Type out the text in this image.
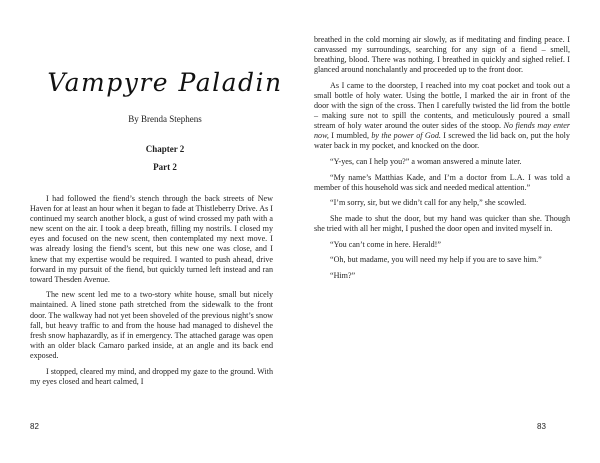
Vampyre Paladin
By Brenda Stephens
Chapter 2
Part 2

I had followed the fiend’s stench through the back streets of New Haven for at least an hour when it began to fade at Thistleberry Drive. As I continued my search another block, a gust of wind crossed my path with a new scent on the air. I took a deep breath, filling my nostrils. I closed my eyes and focused on the new scent, then contemplated my next move. I was already losing the fiend’s scent, but this new one was close, and I knew that my expertise would be required. I wanted to push ahead, drive forward in my pursuit of the fiend, but quickly turned left instead and ran toward Thesden Avenue.

The new scent led me to a two-story white house, small but nicely maintained. A lined stone path stretched from the sidewalk to the front door. The walkway had not yet been shoveled of the previous night’s snow fall, but heavy traffic to and from the house had managed to dishevel the fresh snow haphazardly, as if in emergency. The attached garage was open with an older black Camaro parked inside, at an angle and its back end exposed.

I stopped, cleared my mind, and dropped my gaze to the ground. With my eyes closed and heart calmed, I

82

breathed in the cold morning air slowly, as if meditating and finding peace. I canvassed my surroundings, searching for any sign of a fiend – smell, breathing, blood. There was nothing. I breathed in quickly and sighed relief. I glanced around nonchalantly and proceeded up to the front door.

As I came to the doorstep, I reached into my coat pocket and took out a small bottle of holy water. Using the bottle, I marked the air in front of the door with the sign of the cross. Then I carefully twisted the lid from the bottle – making sure not to spill the contents, and meticulously poured a small stream of holy water around the outer sides of the stoop. No fiends may enter now, I mumbled, by the power of God. I screwed the lid back on, put the holy water back in my pocket, and knocked on the door.

“Y-yes, can I help you?” a woman answered a minute later.

“My name’s Matthias Kade, and I’m a doctor from L.A. I was told a member of this household was sick and needed medical attention.”

“I’m sorry, sir, but we didn’t call for any help,” she scowled.

She made to shut the door, but my hand was quicker than she. Though she tried with all her might, I pushed the door open and invited myself in.

“You can’t come in here. Herald!”

“Oh, but madame, you will need my help if you are to save him.”

“Him?”

83
